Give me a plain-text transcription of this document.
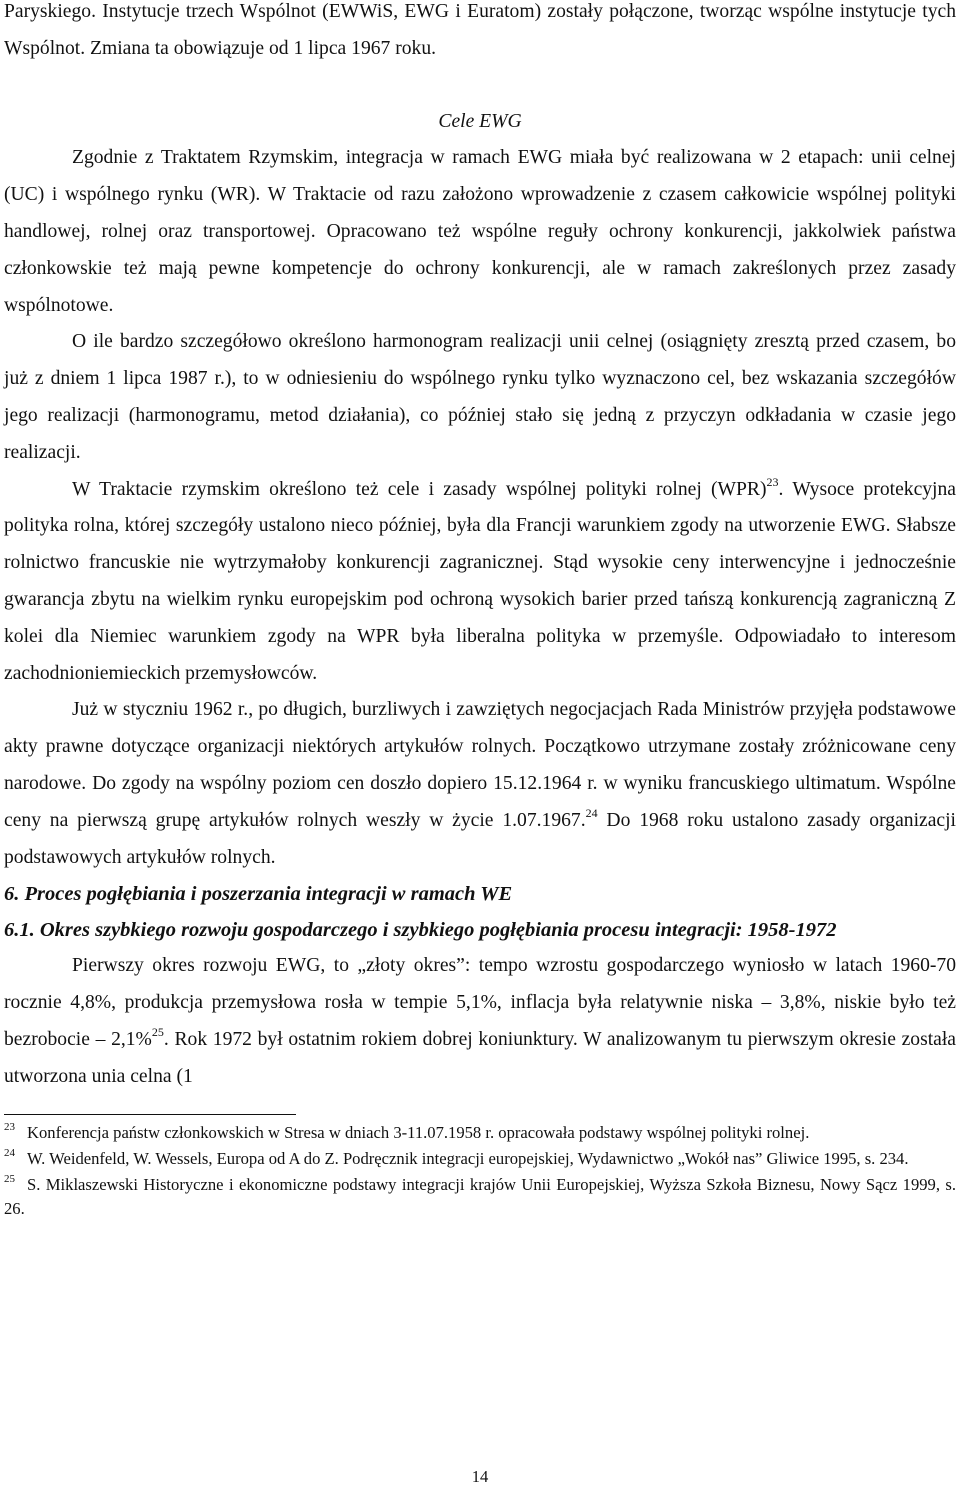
Paryskiego. Instytucje trzech Wspólnot (EWWiS, EWG i Euratom) zostały połączone, tworząc wspólne instytucje tych Wspólnot. Zmiana ta obowiązuje od 1 lipca 1967 roku.

Cele EWG

Zgodnie z Traktatem Rzymskim, integracja w ramach EWG miała być realizowana w 2 etapach: unii celnej (UC) i wspólnego rynku (WR). W Traktacie od razu założono wprowadzenie z czasem całkowicie wspólnej polityki handlowej, rolnej oraz transportowej. Opracowano też wspólne reguły ochrony konkurencji, jakkolwiek państwa członkowskie też mają pewne kompetencje do ochrony konkurencji, ale w ramach zakreślonych przez zasady wspólnotowe.

O ile bardzo szczegółowo określono harmonogram realizacji unii celnej (osiągnięty zresztą przed czasem, bo już z dniem 1 lipca 1987 r.), to w odniesieniu do wspólnego rynku tylko wyznaczono cel, bez wskazania szczegółów jego realizacji (harmonogramu, metod działania), co później stało się jedną z przyczyn odkładania w czasie jego realizacji.

W Traktacie rzymskim określono też cele i zasady wspólnej polityki rolnej (WPR)$^{23}$. Wysoce protekcyjna polityka rolna, której szczegóły ustalono nieco później, była dla Francji warunkiem zgody na utworzenie EWG. Słabsze rolnictwo francuskie nie wytrzymałoby konkurencji zagranicznej. Stąd wysokie ceny interwencyjne i jednocześnie gwarancja zbytu na wielkim rynku europejskim pod ochroną wysokich barier przed tańszą konkurencją zagraniczną Z kolei dla Niemiec warunkiem zgody na WPR była liberalna polityka w przemyśle. Odpowiadało to interesom zachodnioniemieckich przemysłowców.

Już w styczniu 1962 r., po długich, burzliwych i zawziętych negocjacjach Rada Ministrów przyjęła podstawowe akty prawne dotyczące organizacji niektórych artykułów rolnych. Początkowo utrzymane zostały zróżnicowane ceny narodowe. Do zgody na wspólny poziom cen doszło dopiero 15.12.1964 r. w wyniku francuskiego ultimatum. Wspólne ceny na pierwszą grupę artykułów rolnych weszły w życie 1.07.1967.24 Do 1968 roku ustalono zasady organizacji podstawowych artykułów rolnych.

6. Proces pogłębiania i poszerzania integracji w ramach WE

6.1. Okres szybkiego rozwoju gospodarczego i szybkiego pogłębiania procesu integracji: 1958-1972

Pierwszy okres rozwoju EWG, to „złoty okres”: tempo wzrostu gospodarczego wyniosło w latach 1960-70 rocznie 4,8%, produkcja przemysłowa rosła w tempie 5,1%, inflacja była relatywnie niska – 3,8%, niskie było też bezrobocie – 2,1%$^{25}$. Rok 1972 był ostatnim rokiem dobrej koniunktury. W analizowanym tu pierwszym okresie została utworzona unia celna (1

$^{23}$ Konferencja państw członkowskich w Stresa w dniach 3-11.07.1958 r. opracowała podstawy wspólnej polityki rolnej.

$^{24}$ W. Weidenfeld, W. Wessels, Europa od A do Z. Podręcznik integracji europejskiej, Wydawnictwo „Wokół nas” Gliwice 1995, s. 234.

$^{25}$ S. Miklaszewski Historyczne i ekonomiczne podstawy integracji krajów Unii Europejskiej, Wyższa Szkoła Biznesu, Nowy Sącz 1999, s. 26.

14
